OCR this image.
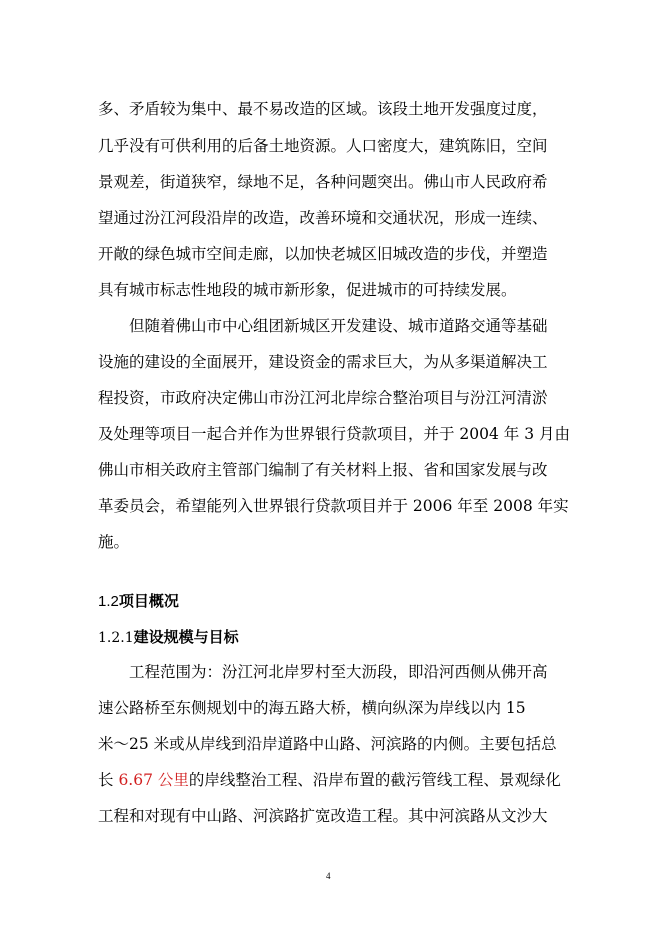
多、矛盾较为集中、最不易改造的区域。该段土地开发强度过度，
几乎没有可供利用的后备土地资源。人口密度大，建筑陈旧，空间
景观差，街道狭窄，绿地不足，各种问题突出。佛山市人民政府希
望通过汾江河段沿岸的改造，改善环境和交通状况，形成一连续、
开敞的绿色城市空间走廊，以加快老城区旧城改造的步伐，并塑造
具有城市标志性地段的城市新形象，促进城市的可持续发展。
　　但随着佛山市中心组团新城区开发建设、城市道路交通等基础
设施的建设的全面展开，建设资金的需求巨大，为从多渠道解决工
程投资，市政府决定佛山市汾江河北岸综合整治项目与汾江河清淤
及处理等项目一起合并作为世界银行贷款项目，并于 2004 年 3 月由
佛山市相关政府主管部门编制了有关材料上报、省和国家发展与改
革委员会，希望能列入世界银行贷款项目并于 2006 年至 2008 年实
施。
1.2项目概况
1.2.1建设规模与目标
　　工程范围为：汾江河北岸罗村至大沥段，即沿河西侧从佛开高
速公路桥至东侧规划中的海五路大桥，横向纵深为岸线以内 15
米～25 米或从岸线到沿岸道路中山路、河滨路的内侧。主要包括总
长 6.67 公里的岸线整治工程、沿岸布置的截污管线工程、景观绿化
工程和对现有中山路、河滨路扩宽改造工程。其中河滨路从文沙大
4
